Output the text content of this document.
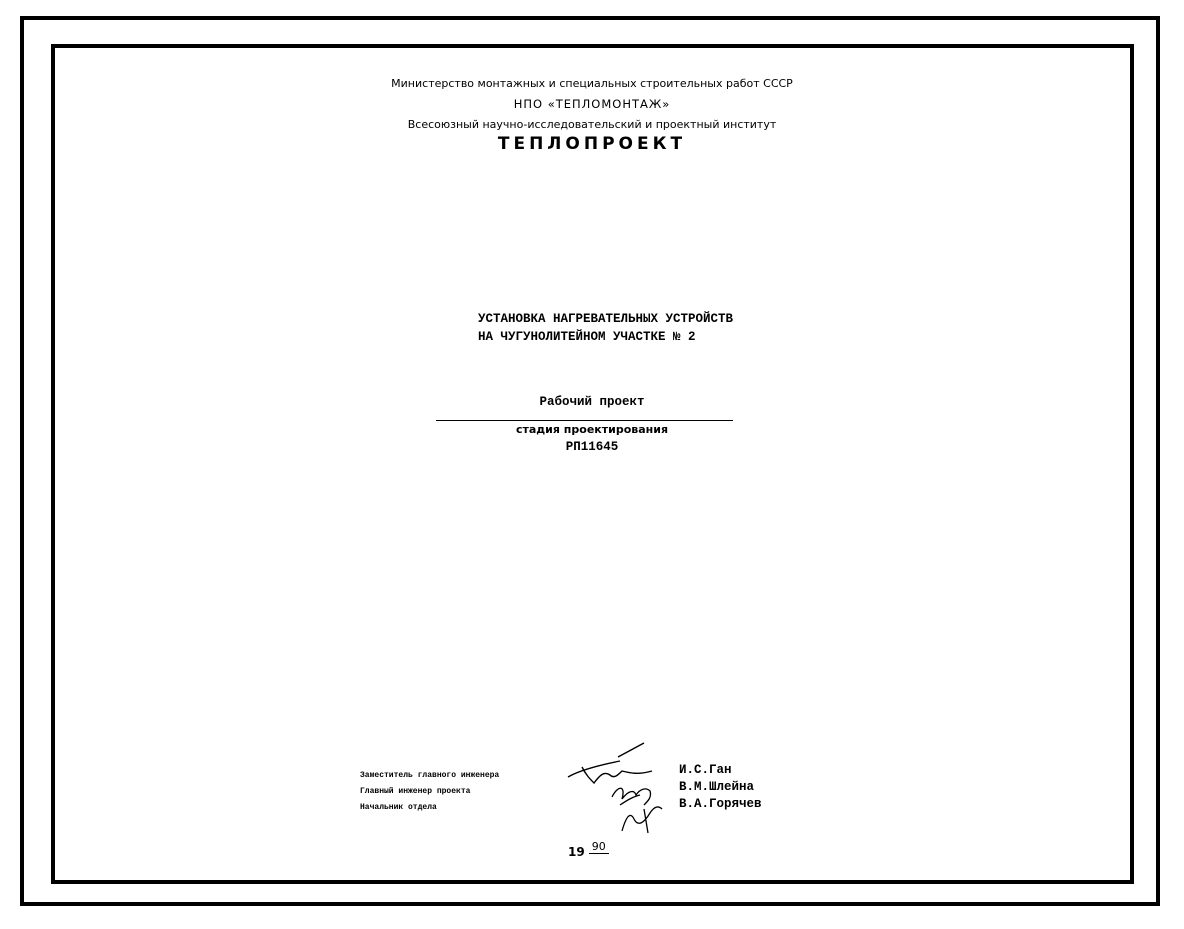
Министерство монтажных и специальных строительных работ СССР
НПО «ТЕПЛОМОНТАЖ»
Всесоюзный научно-исследовательский и проектный институт
ТЕПЛОПРОЕКТ
УСТАНОВКА НАГРЕВАТЕЛЬНЫХ УСТРОЙСТВ
НА ЧУГУНОЛИТЕЙНОМ УЧАСТКЕ № 2
Рабочий проект
стадия проектирования
РП11645
Заместитель главного инженера
Главный инженер проекта
Начальник отдела
И.С.Ган
В.М.Шлейна
В.А.Горячев
19 90
